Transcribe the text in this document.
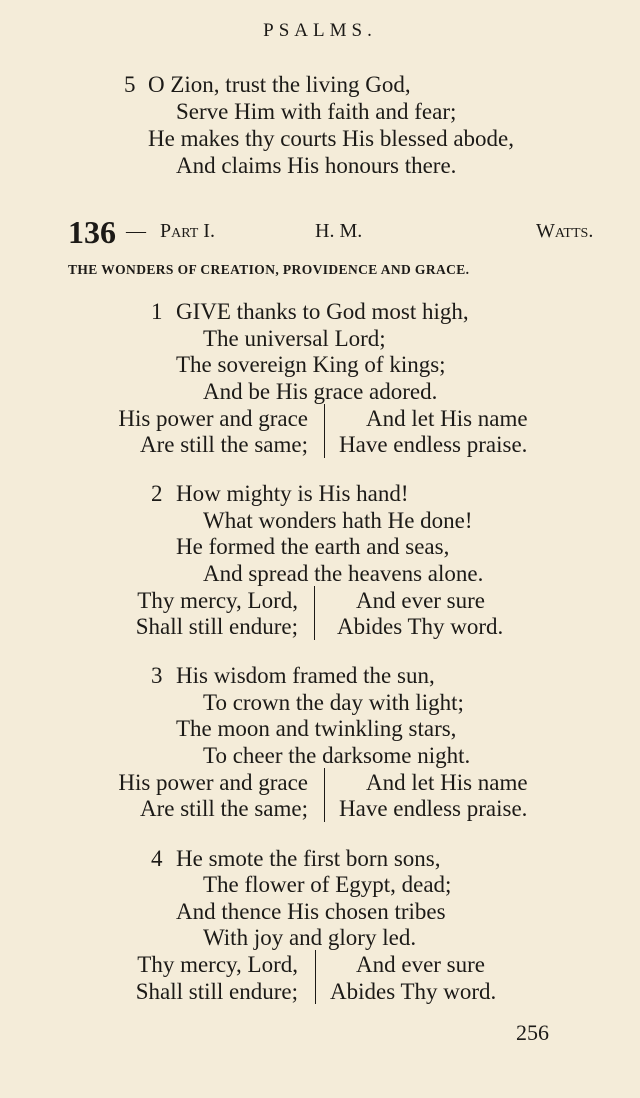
PSALMS.
5 O Zion, trust the living God,
Serve Him with faith and fear;
He makes thy courts His blessed abode,
And claims His honours there.
136 — Part I.	H. M.	Watts.
THE WONDERS OF CREATION, PROVIDENCE AND GRACE.
1 GIVE thanks to God most high,
The universal Lord;
The sovereign King of kings;
And be His grace adored.
His power and grace
Are still the same;
And let His name
Have endless praise.
2 How mighty is His hand!
What wonders hath He done!
He formed the earth and seas,
And spread the heavens alone.
Thy mercy, Lord,
Shall still endure;
And ever sure
Abides Thy word.
3 His wisdom framed the sun,
To crown the day with light;
The moon and twinkling stars,
To cheer the darksome night.
His power and grace
Are still the same;
And let His name
Have endless praise.
4 He smote the first born sons,
The flower of Egypt, dead;
And thence His chosen tribes
With joy and glory led.
Thy mercy, Lord,
Shall still endure;
And ever sure
Abides Thy word.
256
